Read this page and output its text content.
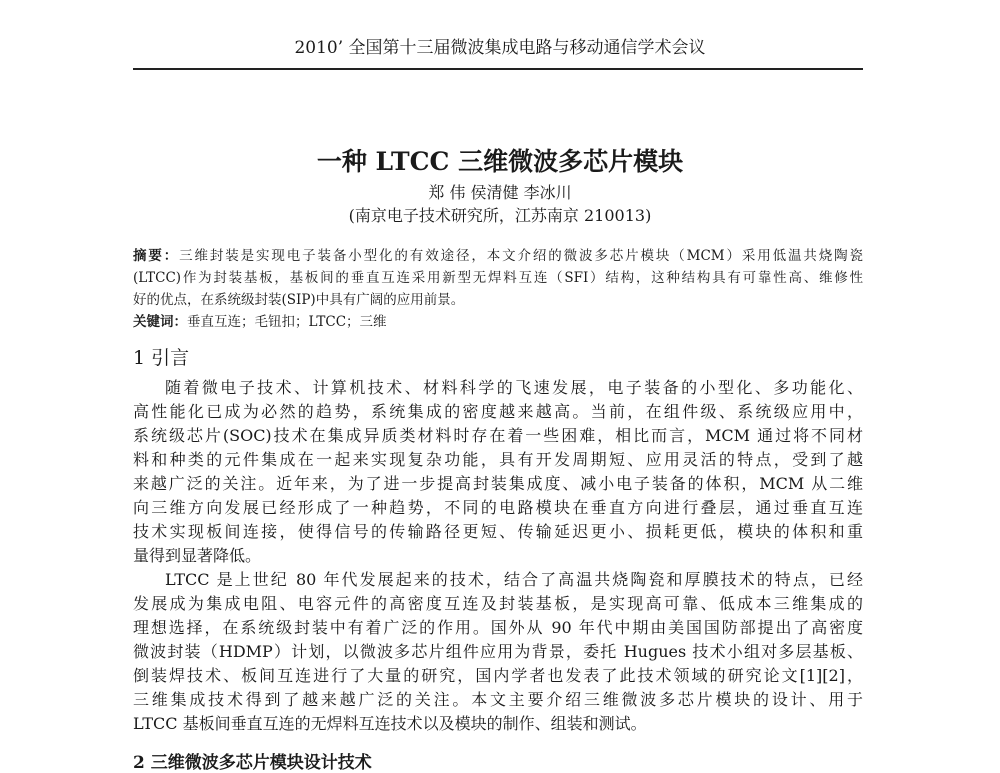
2010’ 全国第十三届微波集成电路与移动通信学术会议
一种 LTCC 三维微波多芯片模块
郑 伟 侯清健 李冰川
(南京电子技术研究所，江苏南京 210013)
摘要：三维封装是实现电子装备小型化的有效途径，本文介绍的微波多芯片模块（MCM）采用低温共烧陶瓷
(LTCC)作为封装基板，基板间的垂直互连采用新型无焊料互连（SFI）结构，这种结构具有可靠性高、维修性
好的优点，在系统级封装(SIP)中具有广阔的应用前景。
关键词：垂直互连；毛钮扣；LTCC；三维
1 引言
随着微电子技术、计算机技术、材料科学的飞速发展，电子装备的小型化、多功能化、
高性能化已成为必然的趋势，系统集成的密度越来越高。当前，在组件级、系统级应用中，
系统级芯片(SOC)技术在集成异质类材料时存在着一些困难，相比而言，MCM 通过将不同材
料和种类的元件集成在一起来实现复杂功能，具有开发周期短、应用灵活的特点，受到了越
来越广泛的关注。近年来，为了进一步提高封装集成度、减小电子装备的体积，MCM 从二维
向三维方向发展已经形成了一种趋势，不同的电路模块在垂直方向进行叠层，通过垂直互连
技术实现板间连接，使得信号的传输路径更短、传输延迟更小、损耗更低，模块的体积和重
量得到显著降低。
LTCC 是上世纪 80 年代发展起来的技术，结合了高温共烧陶瓷和厚膜技术的特点，已经
发展成为集成电阻、电容元件的高密度互连及封装基板，是实现高可靠、低成本三维集成的
理想选择，在系统级封装中有着广泛的作用。国外从 90 年代中期由美国国防部提出了高密度
微波封装（HDMP）计划，以微波多芯片组件应用为背景，委托 Hugues 技术小组对多层基板、
倒装焊技术、板间互连进行了大量的研究，国内学者也发表了此技术领域的研究论文[1][2]，
三维集成技术得到了越来越广泛的关注。本文主要介绍三维微波多芯片模块的设计、用于
LTCC 基板间垂直互连的无焊料互连技术以及模块的制作、组装和测试。
2 三维微波多芯片模块设计技术
